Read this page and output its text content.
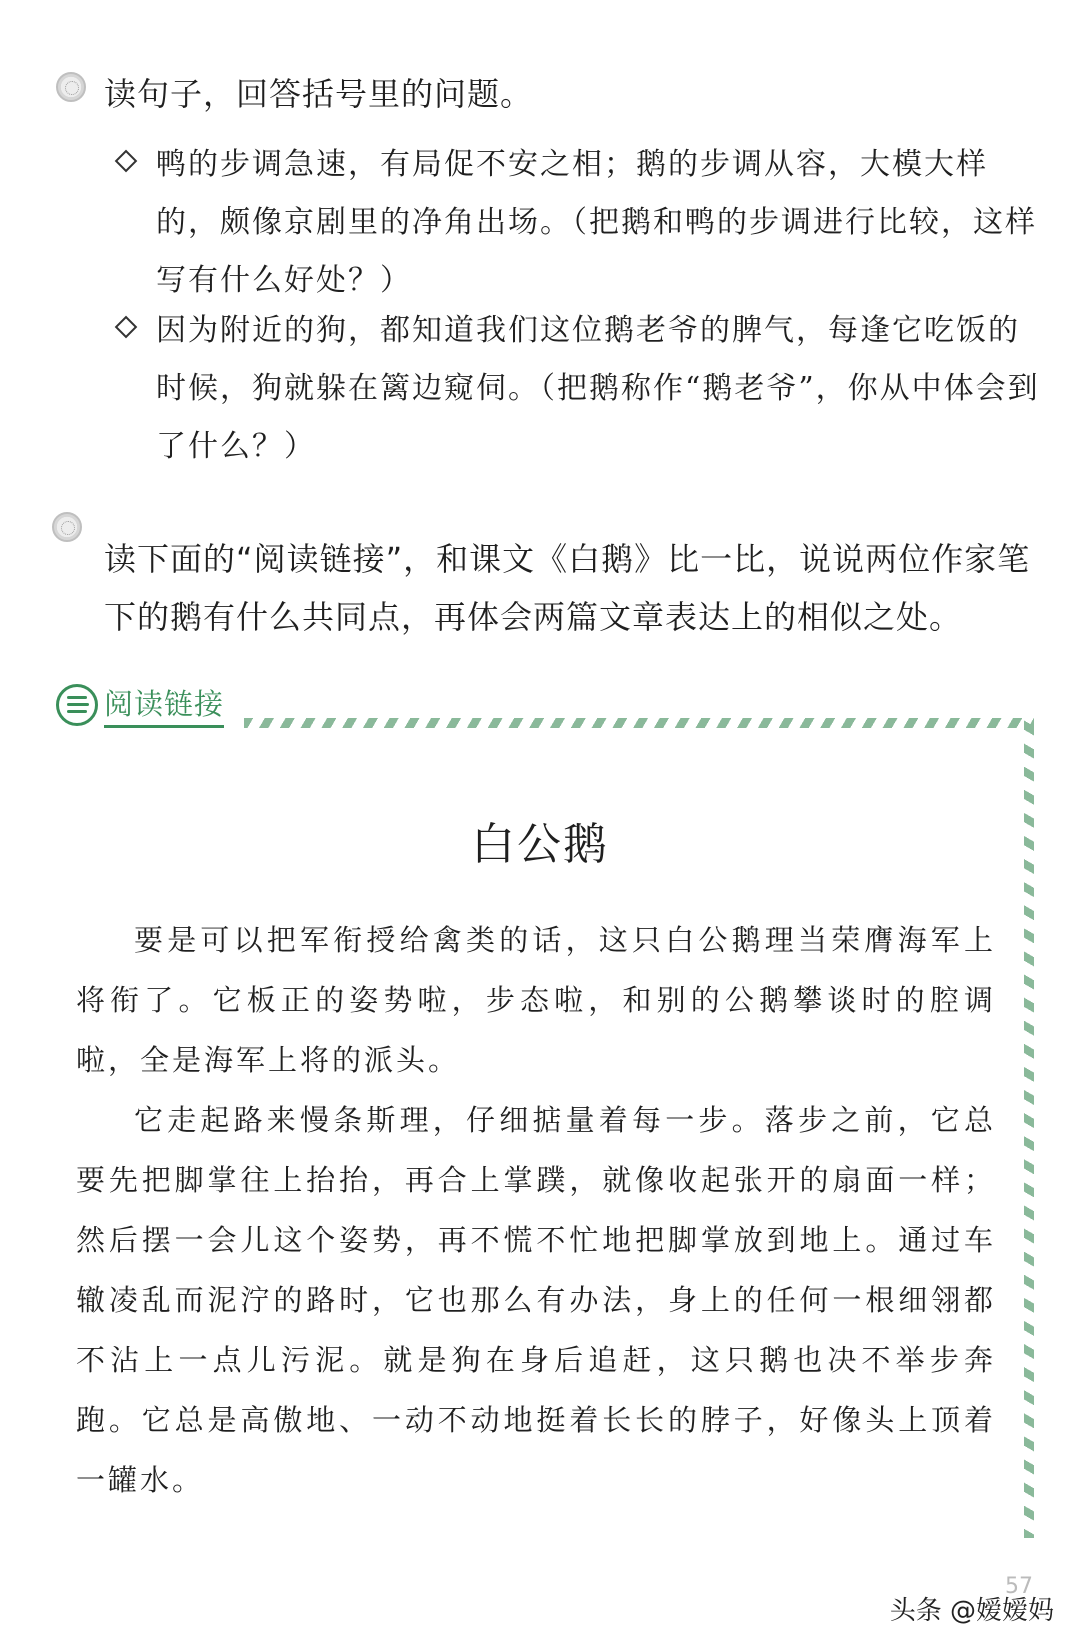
读句子，回答括号里的问题。
鸭的步调急速，有局促不安之相；鹅的步调从容，大模大样的，颇像京剧里的净角出场。（把鹅和鸭的步调进行比较，这样写有什么好处？）
因为附近的狗，都知道我们这位鹅老爷的脾气，每逢它吃饭的时候，狗就躲在篱边窥伺。（把鹅称作“鹅老爷”，你从中体会到了什么？）
读下面的“阅读链接”，和课文《白鹅》比一比，说说两位作家笔下的鹅有什么共同点，再体会两篇文章表达上的相似之处。
阅读链接
白公鹅

要是可以把军衔授给禽类的话，这只白公鹅理当荣膺海军上将衔了。它板正的姿势啦，步态啦，和别的公鹅攀谈时的腔调啦，全是海军上将的派头。

它走起路来慢条斯理，仔细掂量着每一步。落步之前，它总要先把脚掌往上抬抬，再合上掌蹼，就像收起张开的扇面一样；然后摆一会儿这个姿势，再不慌不忙地把脚掌放到地上。通过车辙凌乱而泥泞的路时，它也那么有办法，身上的任何一根细翎都不沾上一点儿污泥。就是狗在身后追赶，这只鹅也决不举步奔跑。它总是高傲地、一动不动地挺着长长的脖子，好像头上顶着一罐水。

57
头条 @嫒嫒妈
